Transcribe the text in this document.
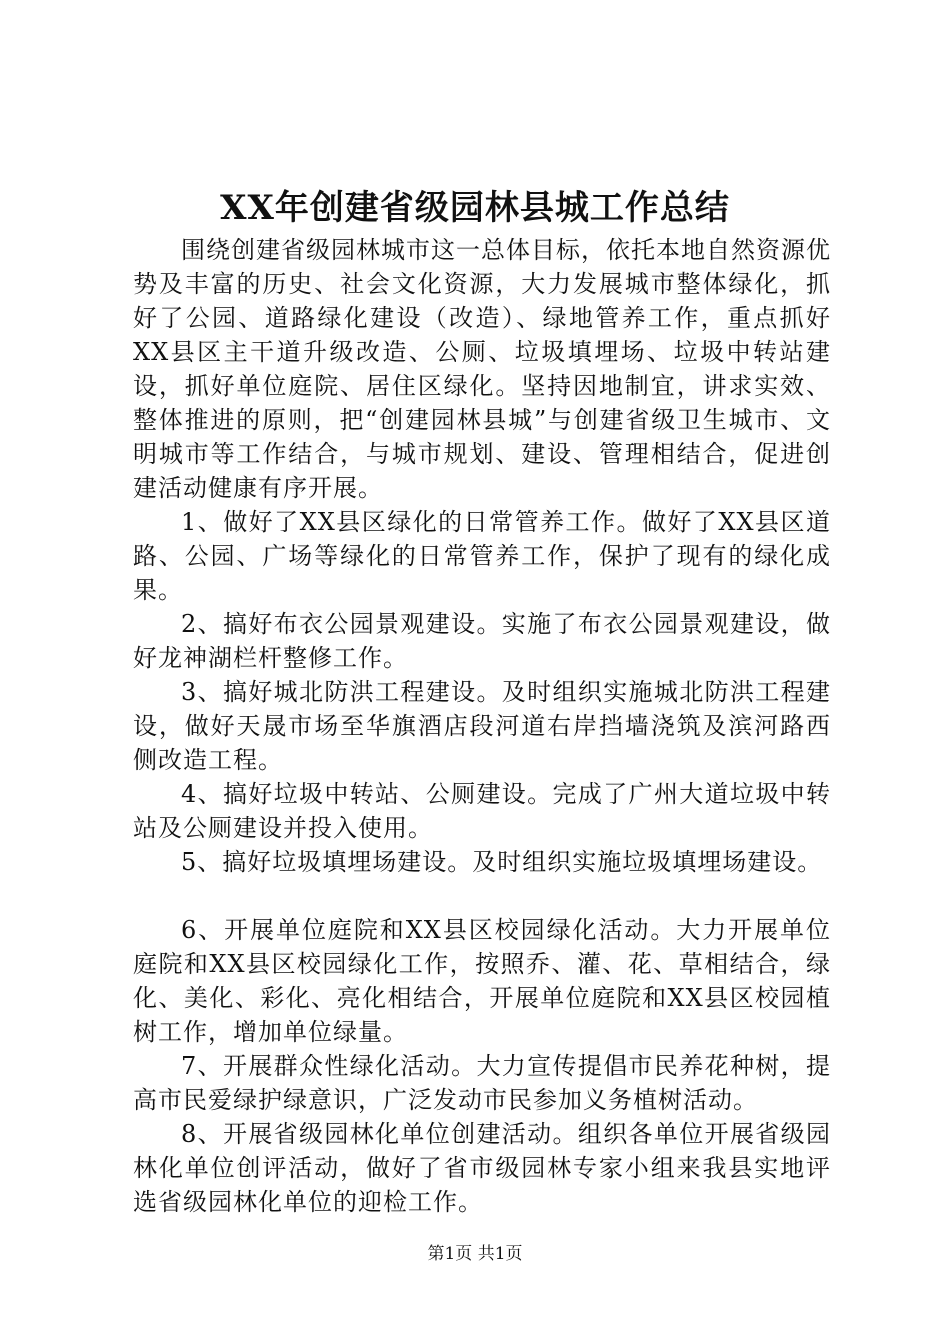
XX年创建省级园林县城工作总结

围绕创建省级园林城市这一总体目标，依托本地自然资源优势及丰富的历史、社会文化资源，大力发展城市整体绿化，抓好了公园、道路绿化建设（改造）、绿地管养工作，重点抓好XX县区主干道升级改造、公厕、垃圾填埋场、垃圾中转站建设，抓好单位庭院、居住区绿化。坚持因地制宜，讲求实效、整体推进的原则，把“创建园林县城”与创建省级卫生城市、文明城市等工作结合，与城市规划、建设、管理相结合，促进创建活动健康有序开展。

1、做好了XX县区绿化的日常管养工作。做好了XX县区道路、公园、广场等绿化的日常管养工作，保护了现有的绿化成果。

2、搞好布衣公园景观建设。实施了布衣公园景观建设，做好龙神湖栏杆整修工作。

3、搞好城北防洪工程建设。及时组织实施城北防洪工程建设，做好天晟市场至华旗酒店段河道右岸挡墙浇筑及滨河路西侧改造工程。

4、搞好垃圾中转站、公厕建设。完成了广州大道垃圾中转站及公厕建设并投入使用。

5、搞好垃圾填埋场建设。及时组织实施垃圾填埋场建设。

6、开展单位庭院和XX县区校园绿化活动。大力开展单位庭院和XX县区校园绿化工作，按照乔、灌、花、草相结合，绿化、美化、彩化、亮化相结合，开展单位庭院和XX县区校园植树工作，增加单位绿量。

7、开展群众性绿化活动。大力宣传提倡市民养花种树，提高市民爱绿护绿意识，广泛发动市民参加义务植树活动。

8、开展省级园林化单位创建活动。组织各单位开展省级园林化单位创评活动，做好了省市级园林专家小组来我县实地评选省级园林化单位的迎检工作。

第1页 共1页
